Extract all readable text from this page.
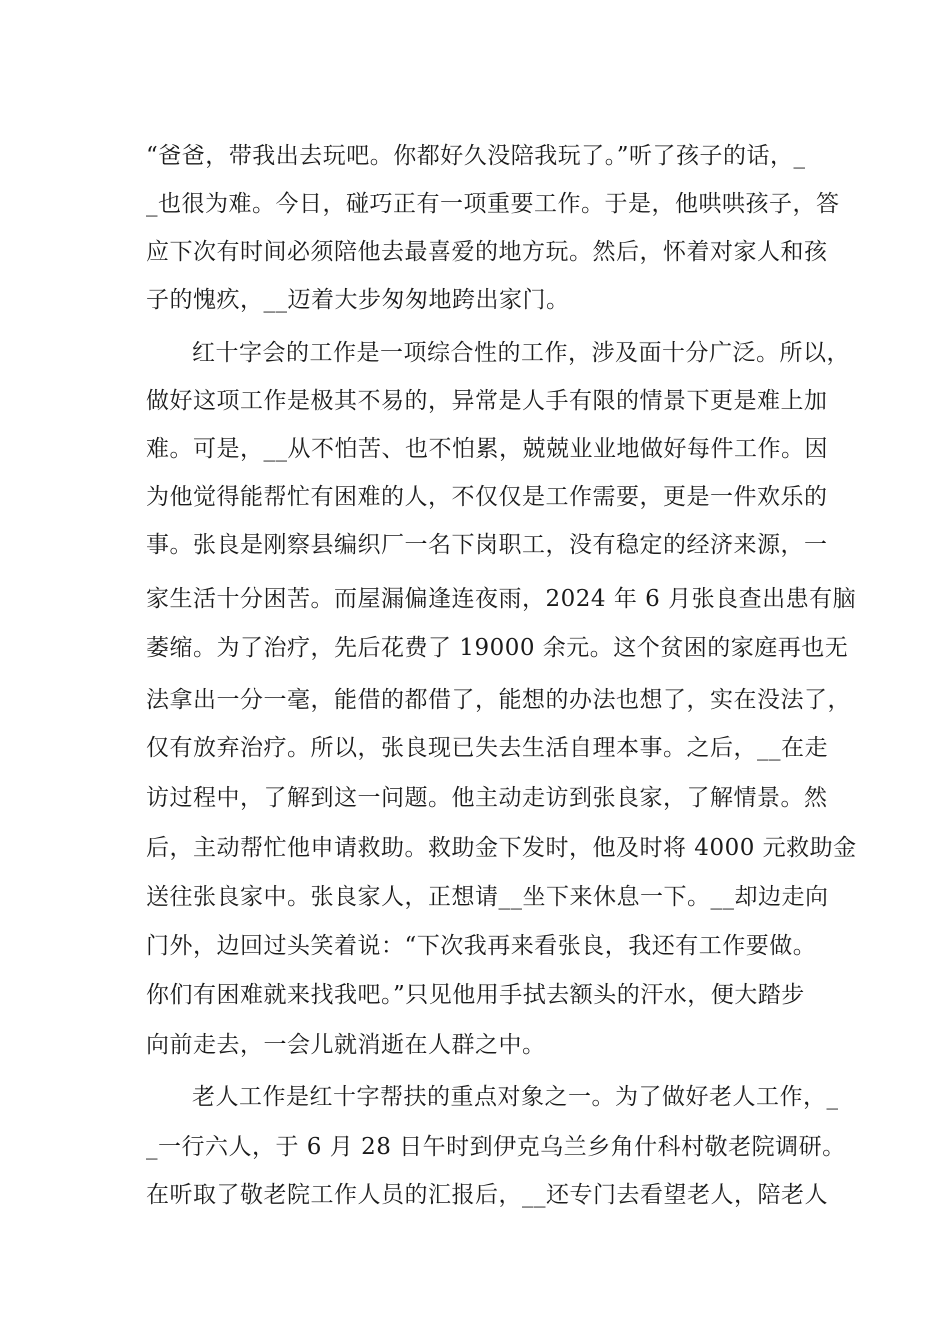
“爸爸，带我出去玩吧。你都好久没陪我玩了。”听了孩子的话，_
_也很为难。今日，碰巧正有一项重要工作。于是，他哄哄孩子，答
应下次有时间必须陪他去最喜爱的地方玩。然后，怀着对家人和孩
子的愧疚，__迈着大步匆匆地跨出家门。
红十字会的工作是一项综合性的工作，涉及面十分广泛。所以，
做好这项工作是极其不易的，异常是人手有限的情景下更是难上加
难。可是，__从不怕苦、也不怕累，兢兢业业地做好每件工作。因
为他觉得能帮忙有困难的人，不仅仅是工作需要，更是一件欢乐的
事。张良是刚察县编织厂一名下岗职工，没有稳定的经济来源，一
家生活十分困苦。而屋漏偏逢连夜雨，2024 年 6 月张良查出患有脑
萎缩。为了治疗，先后花费了 19000 余元。这个贫困的家庭再也无
法拿出一分一毫，能借的都借了，能想的办法也想了，实在没法了，
仅有放弃治疗。所以，张良现已失去生活自理本事。之后，__在走
访过程中，了解到这一问题。他主动走访到张良家，了解情景。然
后，主动帮忙他申请救助。救助金下发时，他及时将 4000 元救助金
送往张良家中。张良家人，正想请__坐下来休息一下。__却边走向
门外，边回过头笑着说：“下次我再来看张良，我还有工作要做。
你们有困难就来找我吧。”只见他用手拭去额头的汗水，便大踏步
向前走去，一会儿就消逝在人群之中。
老人工作是红十字帮扶的重点对象之一。为了做好老人工作，_
_一行六人，于 6 月 28 日午时到伊克乌兰乡角什科村敬老院调研。
在听取了敬老院工作人员的汇报后，__还专门去看望老人，陪老人
